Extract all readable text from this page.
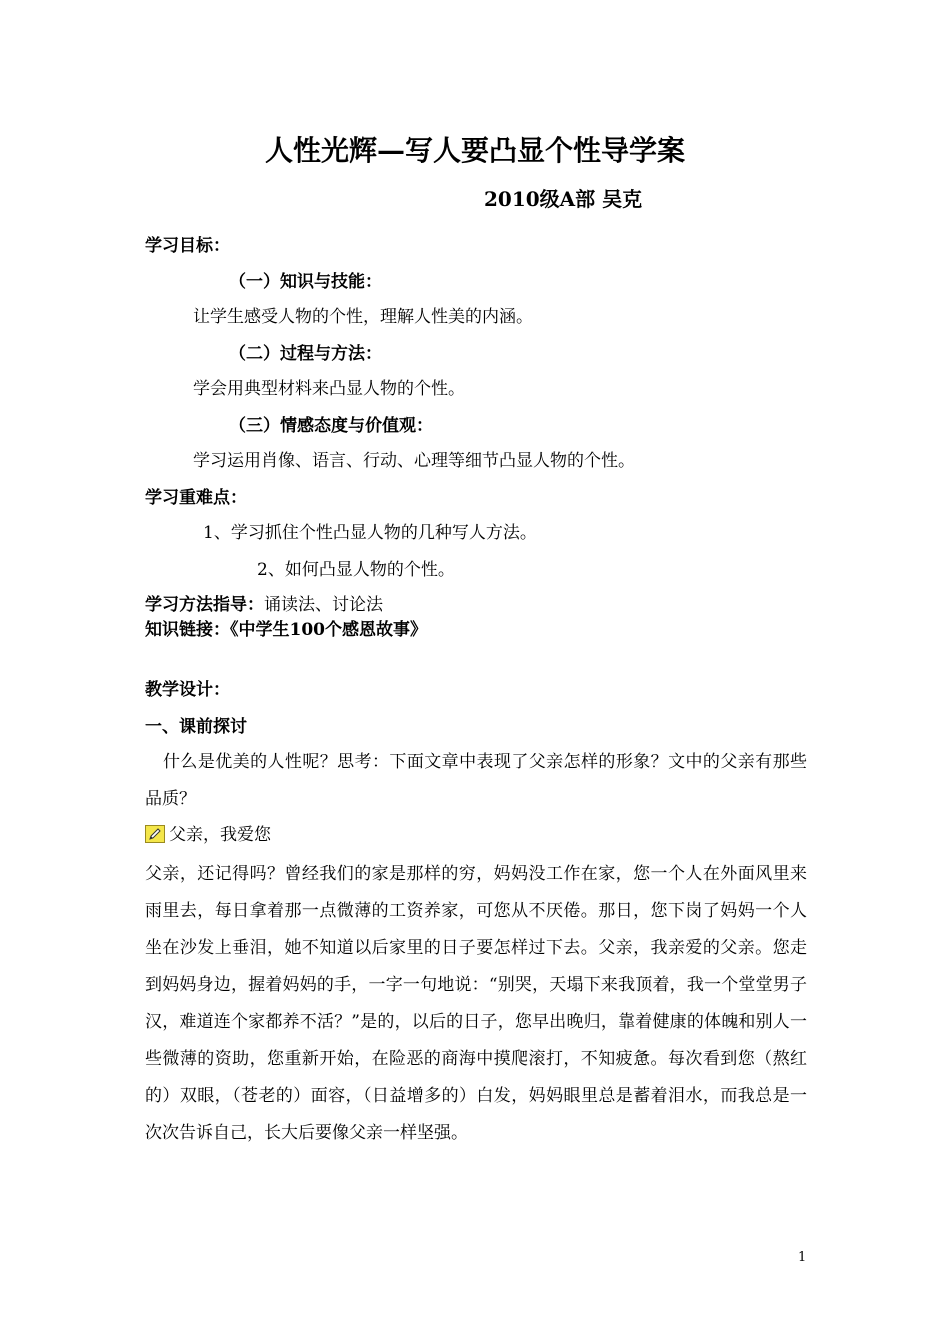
人性光辉—写人要凸显个性导学案
2010级A部 吴克
学习目标：
（一）知识与技能：
让学生感受人物的个性，理解人性美的内涵。
（二）过程与方法：
学会用典型材料来凸显人物的个性。
（三）情感态度与价值观：
学习运用肖像、语言、行动、心理等细节凸显人物的个性。
学习重难点：
1、学习抓住个性凸显人物的几种写人方法。
2、如何凸显人物的个性。
学习方法指导：诵读法、讨论法
知识链接：《中学生100个感恩故事》
教学设计：
一、课前探讨
什么是优美的人性呢？思考：下面文章中表现了父亲怎样的形象？文中的父亲有那些品质？
父亲，我爱您
父亲，还记得吗？曾经我们的家是那样的穷，妈妈没工作在家，您一个人在外面风里来雨里去，每日拿着那一点微薄的工资养家，可您从不厌倦。那日，您下岗了妈妈一个人坐在沙发上垂泪，她不知道以后家里的日子要怎样过下去。父亲，我亲爱的父亲。您走到妈妈身边，握着妈妈的手，一字一句地说：“别哭，天塌下来我顶着，我一个堂堂男子汉，难道连个家都养不活？”是的，以后的日子，您早出晚归，靠着健康的体魄和别人一些微薄的资助，您重新开始，在险恶的商海中摸爬滚打，不知疲惫。每次看到您（熬红的）双眼，（苍老的）面容，（日益增多的）白发，妈妈眼里总是蓄着泪水，而我总是一次次告诉自己，长大后要像父亲一样坚强。
1
